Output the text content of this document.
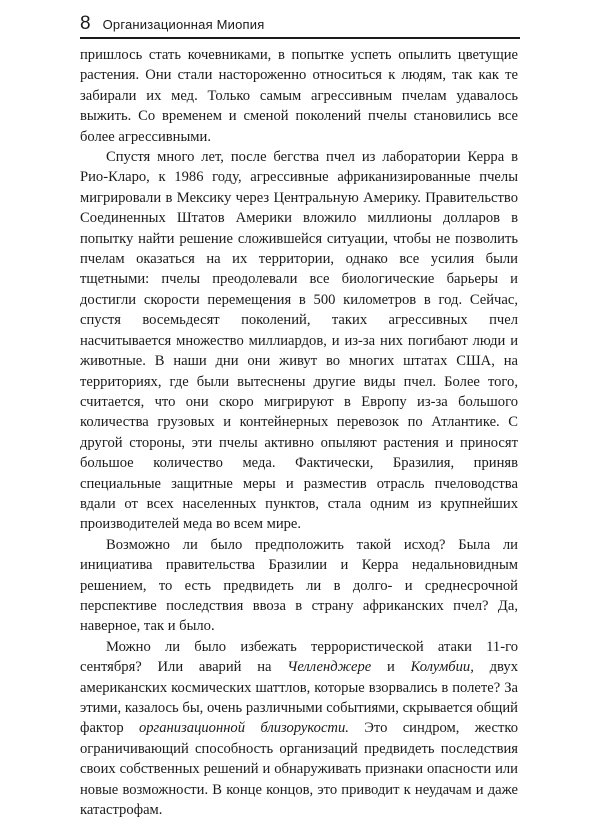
8 Организационная Миопия

пришлось стать кочевниками, в попытке успеть опылить цветущие растения. Они стали настороженно относиться к людям, так как те забирали их мед. Только самым агрессивным пчелам удавалось выжить. Со временем и сменой поколений пчелы становились все более агрессивными.

Спустя много лет, после бегства пчел из лаборатории Керра в Рио-Кларо, к 1986 году, агрессивные африканизированные пчелы мигрировали в Мексику через Центральную Америку. Правительство Соединенных Штатов Америки вложило миллионы долларов в попытку найти решение сложившейся ситуации, чтобы не позволить пчелам оказаться на их территории, однако все усилия были тщетными: пчелы преодолевали все биологические барьеры и достигли скорости перемещения в 500 километров в год. Сейчас, спустя восемьдесят поколений, таких агрессивных пчел насчитывается множество миллиардов, и из-за них погибают люди и животные. В наши дни они живут во многих штатах США, на территориях, где были вытеснены другие виды пчел. Более того, считается, что они скоро мигрируют в Европу из-за большого количества грузовых и контейнерных перевозок по Атлантике. С другой стороны, эти пчелы активно опыляют растения и приносят большое количество меда. Фактически, Бразилия, приняв специальные защитные меры и разместив отрасль пчеловодства вдали от всех населенных пунктов, стала одним из крупнейших производителей меда во всем мире.

Возможно ли было предположить такой исход? Была ли инициатива правительства Бразилии и Керра недальновидным решением, то есть предвидеть ли в долго- и среднесрочной перспективе последствия ввоза в страну африканских пчел? Да, наверное, так и было.

Можно ли было избежать террористической атаки 11-го сентября? Или аварий на Челленджере и Колумбии, двух американских космических шаттлов, которые взорвались в полете? За этими, казалось бы, очень различными событиями, скрывается общий фактор организационной близорукости. Это синдром, жестко ограничивающий способность организаций предвидеть последствия своих собственных решений и обнаруживать признаки опасности или новые возможности. В конце концов, это приводит к неудачам и даже катастрофам.
